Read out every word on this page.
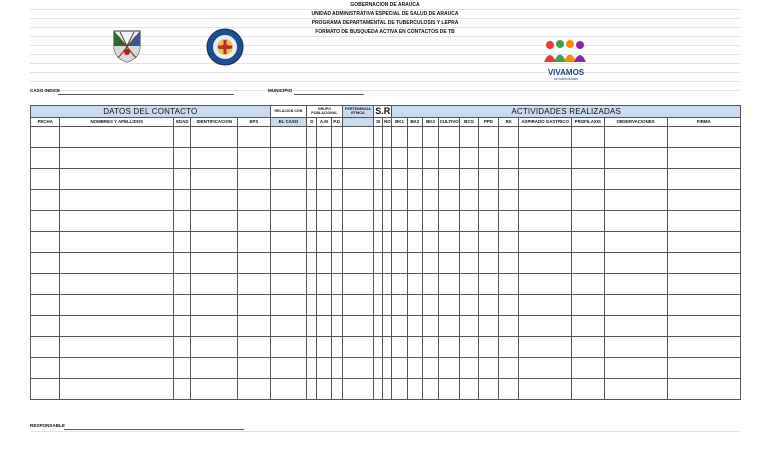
GOBERNACION DE ARAUCA
UNIDAD ADMINISTRATIVA ESPECIAL DE SALUD DE ARAUCA
PROGRAMA DEPARTAMENTAL DE TUBERCULOSIS Y LEPRA
FORMATO DE BUSQUEDA ACTIVA EN CONTACTOS DE TB
VIVAMOS
sin tuberculosis
CASO INDICE	MUNICIPIO
DATOS DEL CONTACTO					RELACION CON	GRUPO POBLACIONAL			PERTENENCIA ETNICA	S.R		ACTIVIDADES REALIZADAS										

FECHA	NOMBRES Y APELLIDOS	EDAD	IDENTIFICACION	EPS	EL CASO	D	A.M	P.D		SI	NO	BK1	BK2	BK3	CULTIVO	BCG	PPD	RX	ASPIRADO GASTRICO	PROFILAXIS	OBSERVACIONES	FIRMA

RESPONSABLE
